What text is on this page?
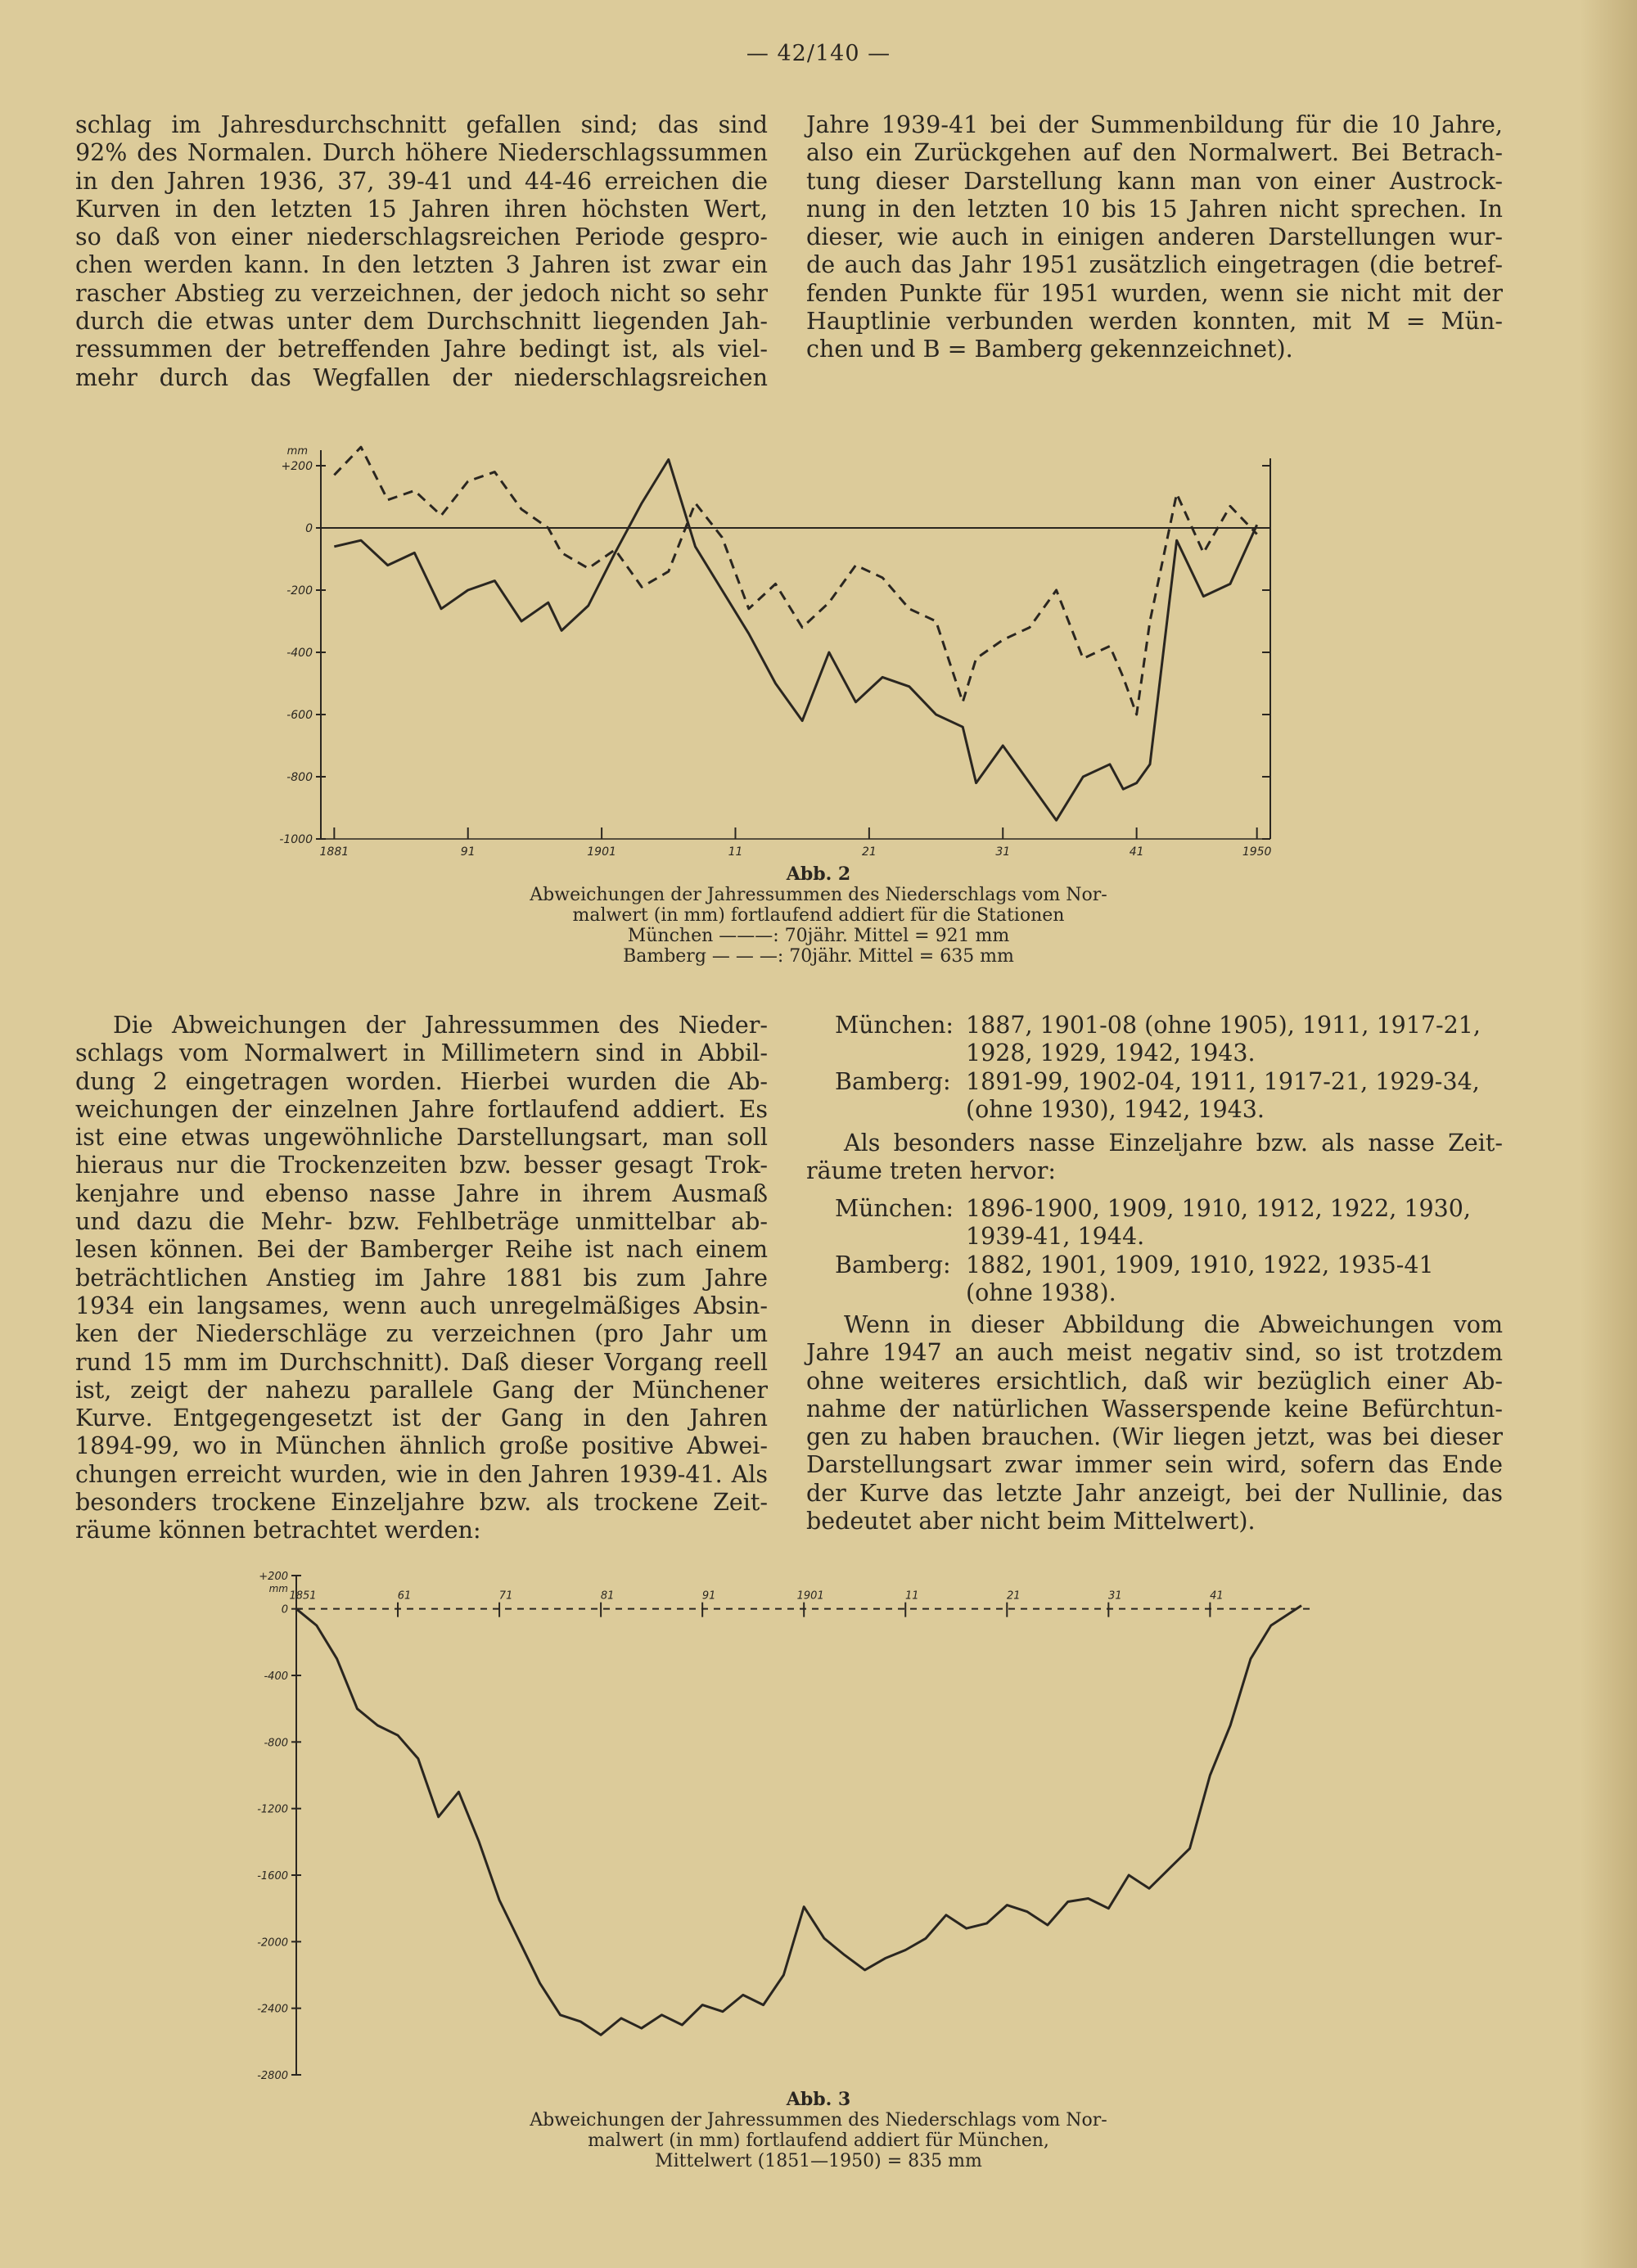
— 42/140 —
schlag im Jahresdurchschnitt gefallen sind; das sind
92% des Normalen. Durch höhere Niederschlagssummen
in den Jahren 1936, 37, 39-41 und 44-46 erreichen die
Kurven in den letzten 15 Jahren ihren höchsten Wert,
so daß von einer niederschlagsreichen Periode gespro-
chen werden kann. In den letzten 3 Jahren ist zwar ein
rascher Abstieg zu verzeichnen, der jedoch nicht so sehr
durch die etwas unter dem Durchschnitt liegenden Jah-
ressummen der betreffenden Jahre bedingt ist, als viel-
mehr durch das Wegfallen der niederschlagsreichen
Jahre 1939-41 bei der Summenbildung für die 10 Jahre,
also ein Zurückgehen auf den Normalwert. Bei Betrach-
tung dieser Darstellung kann man von einer Austrock-
nung in den letzten 10 bis 15 Jahren nicht sprechen. In
dieser, wie auch in einigen anderen Darstellungen wur-
de auch das Jahr 1951 zusätzlich eingetragen (die betref-
fenden Punkte für 1951 wurden, wenn sie nicht mit der
Hauptlinie verbunden werden konnten, mit M = Mün-
chen und B = Bamberg gekennzeichnet).
+200
0
-200
-400
-600
-800
-1000
mm
1881	91	1901	11	21	31	41	1950
Abb. 2
Abweichungen der Jahressummen des Niederschlags vom Nor-
malwert (in mm) fortlaufend addiert für die Stationen
München ———: 70jähr. Mittel = 921 mm
Bamberg — — —: 70jähr. Mittel = 635 mm
Die Abweichungen der Jahressummen des Nieder-
schlags vom Normalwert in Millimetern sind in Abbil-
dung 2 eingetragen worden. Hierbei wurden die Ab-
weichungen der einzelnen Jahre fortlaufend addiert. Es
ist eine etwas ungewöhnliche Darstellungsart, man soll
hieraus nur die Trockenzeiten bzw. besser gesagt Trok-
kenjahre und ebenso nasse Jahre in ihrem Ausmaß
und dazu die Mehr- bzw. Fehlbeträge unmittelbar ab-
lesen können. Bei der Bamberger Reihe ist nach einem
beträchtlichen Anstieg im Jahre 1881 bis zum Jahre
1934 ein langsames, wenn auch unregelmäßiges Absin-
ken der Niederschläge zu verzeichnen (pro Jahr um
rund 15 mm im Durchschnitt). Daß dieser Vorgang reell
ist, zeigt der nahezu parallele Gang der Münchener
Kurve. Entgegengesetzt ist der Gang in den Jahren
1894-99, wo in München ähnlich große positive Abwei-
chungen erreicht wurden, wie in den Jahren 1939-41. Als
besonders trockene Einzeljahre bzw. als trockene Zeit-
räume können betrachtet werden:
München: 1887, 1901-08 (ohne 1905), 1911, 1917-21,
1928, 1929, 1942, 1943.
Bamberg: 1891-99, 1902-04, 1911, 1917-21, 1929-34,
(ohne 1930), 1942, 1943.
Als besonders nasse Einzeljahre bzw. als nasse Zeit-
räume treten hervor:
München: 1896-1900, 1909, 1910, 1912, 1922, 1930,
1939-41, 1944.
Bamberg: 1882, 1901, 1909, 1910, 1922, 1935-41
(ohne 1938).
Wenn in dieser Abbildung die Abweichungen vom
Jahre 1947 an auch meist negativ sind, so ist trotzdem
ohne weiteres ersichtlich, daß wir bezüglich einer Ab-
nahme der natürlichen Wasserspende keine Befürchtun-
gen zu haben brauchen. (Wir liegen jetzt, was bei dieser
Darstellungsart zwar immer sein wird, sofern das Ende
der Kurve das letzte Jahr anzeigt, bei der Nullinie, das
bedeutet aber nicht beim Mittelwert).
+200
0
-400
-800
-1200
-1600
-2000
-2400
-2800
mm
1851	61	71	81	91	1901	11	21	31	41
Abb. 3
Abweichungen der Jahressummen des Niederschlags vom Nor-
malwert (in mm) fortlaufend addiert für München,
Mittelwert (1851—1950) = 835 mm
